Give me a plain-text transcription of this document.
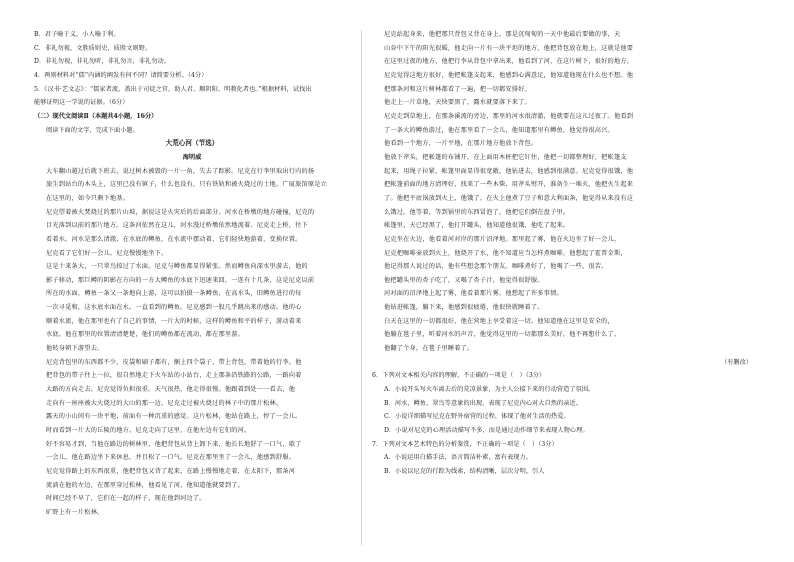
B．君子喻于义，小人喻于利。
C．非礼勿视，文胜质则史，质胜文则野。
D．非礼勿视，非礼勿听，非礼勿言，非礼勿动。
4．两则材料对“儒”内涵的阐发有何不同？请简要分析。（4分）
5．《汉书·艺文志》：“儒家者流，盖出于司徒之官，助人君、顺阴阳、明教化者也。”根据材料，试找出
能够证明这一学说的证据。（6分）
（二）现代文阅读Ⅱ（本题共4小题，16分）
阅读下面的文字，完成下面小题。
大荒心河（节选）
海明威
大车翻山越过后就下班去，说过树木被毁的一片一角，失去了踪影。尼克在行李里取出行内的扬
旅生到站台的木头上，这里已没有镇子，什么也没有，只有铁轨和被火烧过的土地。广厦旅馆原是立
在这里的，如今只剩下地基。
尼克望着被火焚烧过的那片山坡，据说这是火灾后的后面部分。河水在桥墩的地方碰撞，尼克的
目光落到以前的那片地方。这条河依然在这儿，河水漫过桥墩依然地流着。尼克走上桥，往下
看着水。河水是那么清澈，在水底的鳟鱼，在水流中摆动着，它们轻快地游着，变换位置。
尼克看了它们好一会儿。尼克慢慢地坐下。
这是十来条大，一只翠鸟掠过了水面。尼克与鳟鱼都显得紧张。然而鳟鱼向深水里游去，他的
影子移动，那巨鳟的阴影在方向的一方大鳟鱼的水底下迅速来回，一连有十几条，这是尼克以前
所在的水面，鳟鱼一条又一条地向上游，这可以拍摄一条鳟鱼，在高水头，旧鳟鱼进行的每
一次寻觅和，这水底水面在水。一直看到的鳟鱼。尼克感到一股几乎跳出来的感动。他的心
顺着水流，他在那里也有了自己的事情，一片大的时候，这样的鳟鱼和平的样子，游动着来
水底，他在那里的位置清清楚楚，他们的鳟鱼都在流动，都在那里游。
他转身朝下游望去。
尼克背包里的东西都不少，皮袋和刷子都有，捆上四个袋子，带上背包，带着他的行李。他
把背包的带子往上一拉，很自然地走下火车站的小站台，走上那条沿铁路的公路，一路向着
大路的方向走去。尼克觉得负担很重。天气很热，他走得很慢。他跟着到处一一看去，他
走向有一座座被大火烧过的大山的那一边。尼克走过被火烧过的林子中的那片松林。
露天的小山间有一块平地，前面有一种沉重的感觉。这片松林，他站在路上，停了一会儿。
时而看到一片大的丘陵的地方。尼克走向了这里，在他左边有它们的河。
好不容易才到，当他在路边的树林里，他把背包从背上卸下来，他长长地舒了一口气，歇了
一会儿，他在路边坐下来休息，并且松了一口气。尼克在那里坐了一会儿，他感到舒服。
尼克觉得路上的东西很重，他把背包又背了起来，在路上慢慢地走着，在太阳下，那条河
流淌在他的左边，在那里穿过松林，他看见了河，他知道他就要到了。
时间已经不早了，它们在一起的样子，现在他到河边了。
旷野上有一片松林。
尼克站起身来，他把那只背包又背在身上，那是沉甸甸的一天中他最后要做的事，天
山谷中下午的阳光很暖，他走向一片有一块平坦的地方，他把背包放在地上，这就是他要
在这里过夜的地方，他把行李从背包中拿出来，他看到了河，在这片树下，很好的地方。
尼克觉得这地方很好，他把帐篷支起来，他感到心满意足，他知道他现在什么也不想。他
把那条河和这片树林都看了一遍，把一切都安排好。
他走上一片草地，天快要黑了，露水就要落下来了。
尼克走到草地上，在那条溪流的旁边，那里的河水很清澈，他就要在这儿过夜了。他看到
了一条大的鳟鱼游过，他在那里看了一会儿，他知道那里有鳟鱼，他觉得很高兴。
他看到一个地方，一片平地，在那片地方他放下背包。
他放下斧头，把帐篷的布铺开，在上面用木桩把它钉住，他把一切都整理好，把帐篷支
起来，用绳子拉紧，帐篷里面显得很宽敞，他钻进去，他感到很满意。尼克觉得很饿，他
把帐篷前面的地方清理好，找来了一些木柴，用斧头劈开，准备生一堆火，他把火生起来
了。他把平底锅放到火上，他饿了。在火上他煮了豆子和意大利面条，他觉得从来没有这
么饿过。他等着，等到锅里的东西冒泡了，他把它们倒在盘子里。
帐篷里，天已经黑了，他打开罐头，他知道他很饿，他吃了起来。
尼克坐在火边，他看着河对岸的那片沼泽地。那里起了雾，他在火边坐了好一会儿，
尼克把咖啡壶放到火上，他烧开了水，他不知道应当怎样煮咖啡，他想起了霍普金斯，
他记得那人说过的话，他有些想念那个朋友。咖啡煮好了，他喝了一些，很苦。
他把罐头里的杏子吃了，又喝了杏子汁，他觉得很舒服。
河对面的沼泽地上起了雾，他看着那片雾，他想起了许多事情。
他钻进帐篷，躺下来，他感到很疲倦，他很快就睡着了。
白天在这里的一切都很好，他在营地上享受着这一切。他知道他在这里是安全的，
他躺在毯子里，听着河水的声音，他觉得这里的一切都那么美好，他不再想什么了。
他翻了个身，在毯子里睡着了。
（有删改）
6．下列对文本相关内容的理解，不正确的一项是（　）（3分）
A．小说开头写火车离去后的荒凉景象，为主人公接下来的行动营造了氛围。
B．河水、鳟鱼、翠鸟等意象的出现，表现了尼克内心对大自然的亲近。
C．小说详细描写尼克在野外宿营的过程，体现了他对生活的热爱。
D．小说对尼克的心理活动描写不多，而是通过动作细节来表现人物心理。
7．下列对文本艺术特色的分析鉴赏，不正确的一项是（　）（3分）
A．小说运用白描手法，语言简洁朴素，富有表现力。
B．小说以尼克的行踪为线索，结构清晰，层次分明，引人
